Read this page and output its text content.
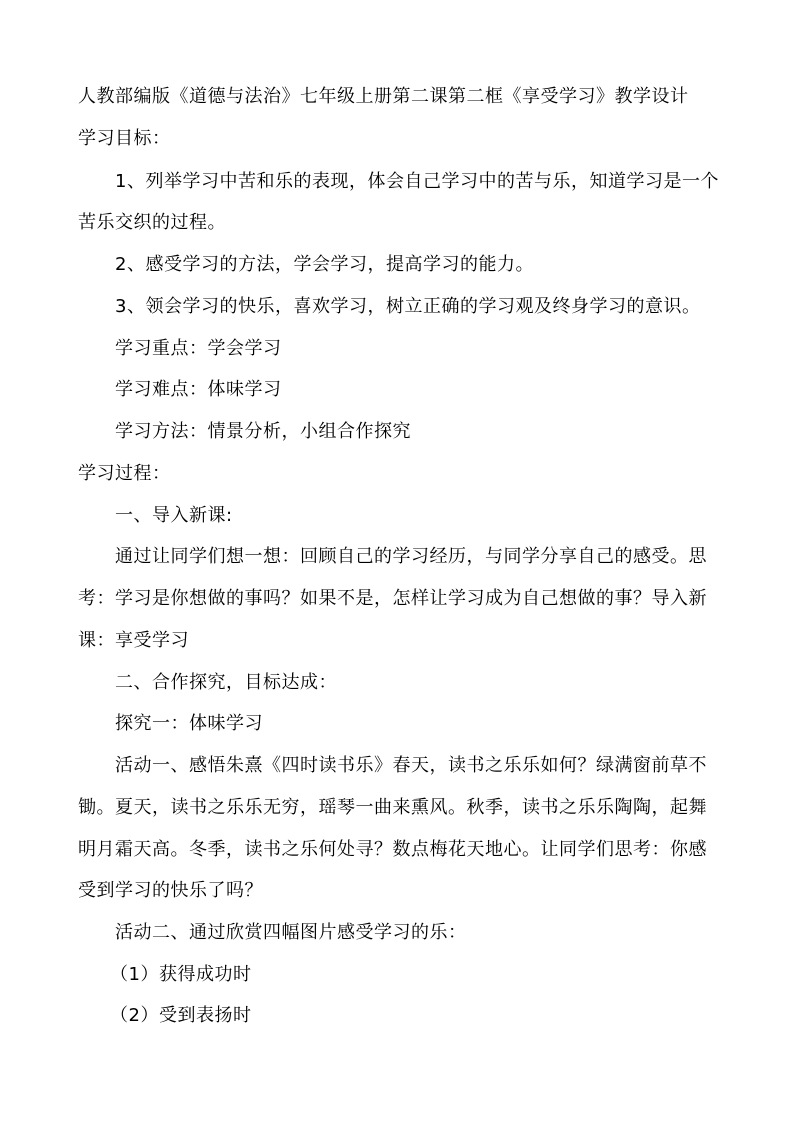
人教部编版《道德与法治》七年级上册第二课第二框《享受学习》教学设计
学习目标：
1、列举学习中苦和乐的表现，体会自己学习中的苦与乐，知道学习是一个
苦乐交织的过程。
2、感受学习的方法，学会学习，提高学习的能力。
3、领会学习的快乐，喜欢学习，树立正确的学习观及终身学习的意识。
学习重点：学会学习
学习难点：体味学习
学习方法：情景分析，小组合作探究
学习过程：
一、导入新课:
通过让同学们想一想：回顾自己的学习经历，与同学分享自己的感受。思
考：学习是你想做的事吗？如果不是，怎样让学习成为自己想做的事？导入新
课：享受学习
二、合作探究，目标达成：
探究一：体味学习
活动一、感悟朱熹《四时读书乐》春天，读书之乐乐如何？绿满窗前草不
锄。夏天，读书之乐乐无穷，瑶琴一曲来熏风。秋季，读书之乐乐陶陶，起舞
明月霜天高。冬季，读书之乐何处寻？数点梅花天地心。让同学们思考：你感
受到学习的快乐了吗？
活动二、通过欣赏四幅图片感受学习的乐：
（1）获得成功时
（2）受到表扬时
